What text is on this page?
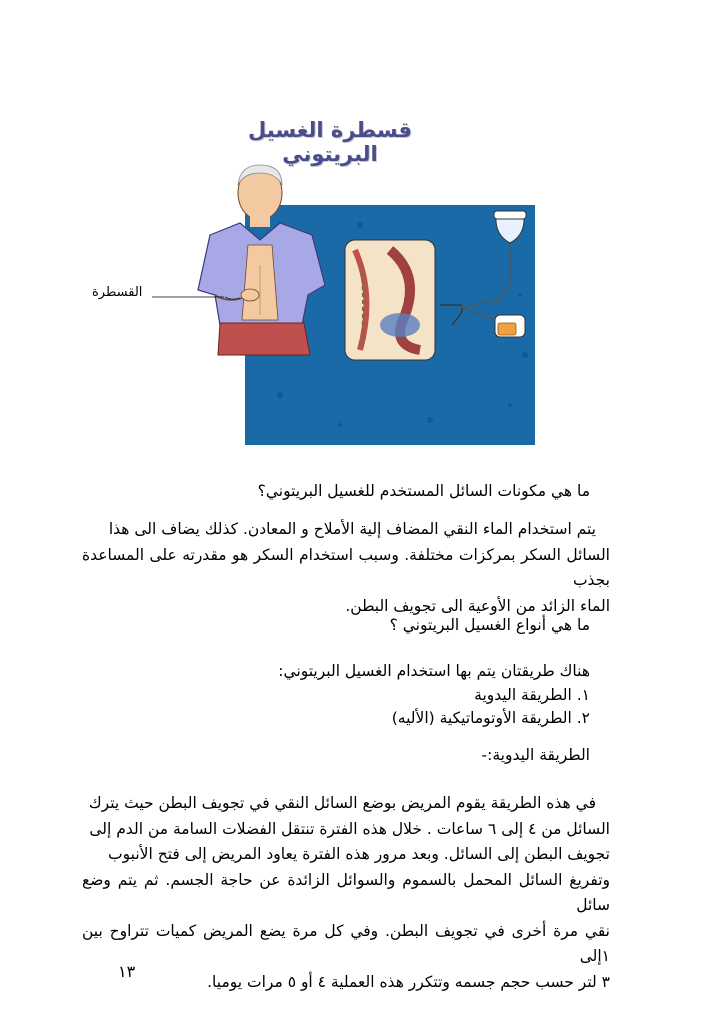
قسطرة الغسيل البريتوني
القسطرة
ما هي مكونات السائل المستخدم للغسيل البريتوني؟
يتم استخدام الماء النقي المضاف إلية الأملاح و المعادن. كذلك يضاف الى هذا
السائل السكر بمركزات مختلفة. وسبب استخدام السكر هو مقدرته على المساعدة بجذب
الماء الزائد من الأوعية الى تجويف البطن.
ما هي أنواع الغسيل البريتوني ؟
هناك طريقتان يتم بها استخدام الغسيل البريتوني:
١. الطريقة اليدوية
٢. الطريقة الأوتوماتيكية (الأليه)
الطريقة اليدوية:-
في هذه الطريقة يقوم المريض بوضع السائل النقي في تجويف البطن حيث يترك
السائل من ٤ إلى ٦ ساعات . خلال هذه الفترة تنتقل الفضلات السامة من الدم إلى
تجويف البطن إلى السائل. وبعد مرور هذه الفترة يعاود المريض إلى فتح الأنبوب
وتفريغ السائل المحمل بالسموم والسوائل الزائدة عن حاجة الجسم. ثم يتم وضع سائل
نقي مرة أخرى في تجويف البطن. وفي كل مرة يضع المريض كميات تتراوح بين ١إلى
٣ لتر حسب حجم جسمه وتتكرر هذه العملية ٤ أو ٥ مرات يوميا.
١٣
